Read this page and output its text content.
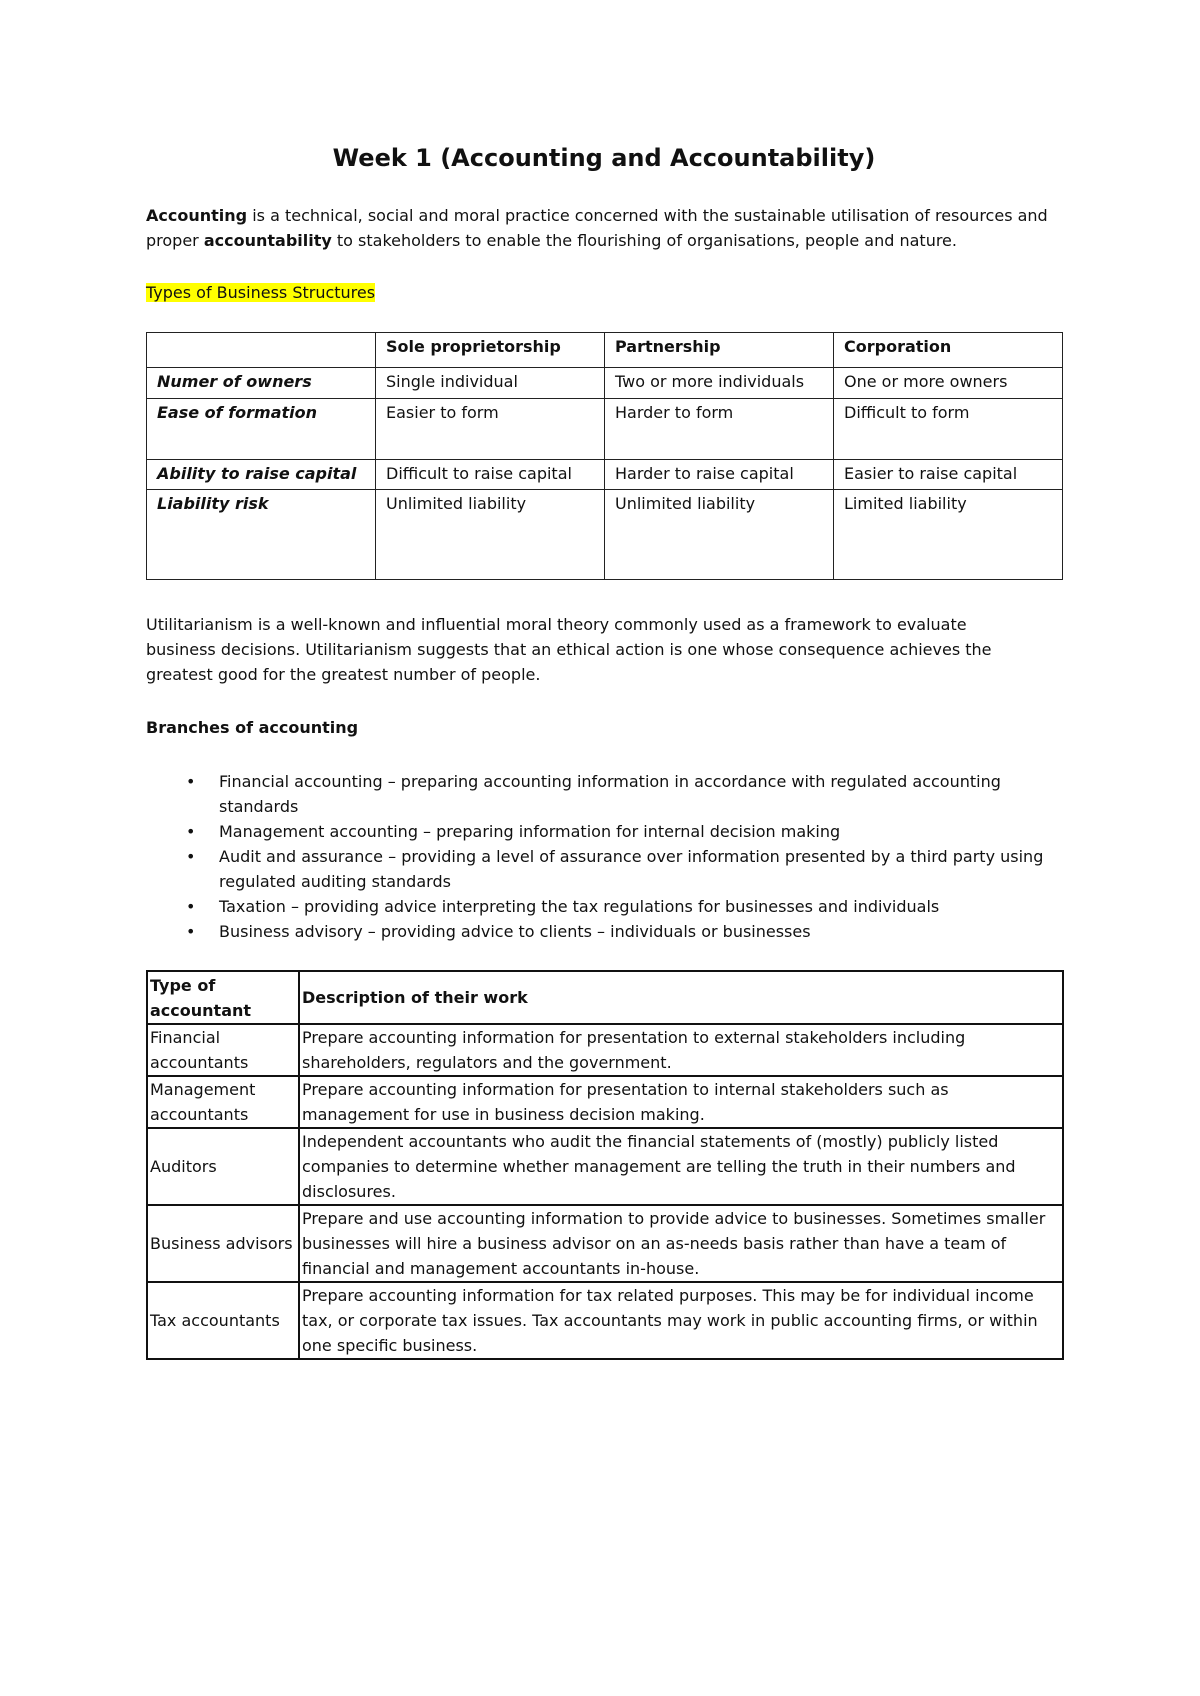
Week 1 (Accounting and Accountability)
Accounting is a technical, social and moral practice concerned with the sustainable utilisation of resources and proper accountability to stakeholders to enable the flourishing of organisations, people and nature.
Types of Business Structures
	Sole proprietorship	Partnership	Corporation
Numer of owners	Single individual	Two or more individuals	One or more owners
Ease of formation	Easier to form	Harder to form	Difficult to form
Ability to raise capital	Difficult to raise capital	Harder to raise capital	Easier to raise capital
Liability risk	Unlimited liability	Unlimited liability	Limited liability
Utilitarianism is a well-known and influential moral theory commonly used as a framework to evaluate business decisions. Utilitarianism suggests that an ethical action is one whose consequence achieves the greatest good for the greatest number of people.
Branches of accounting
• Financial accounting – preparing accounting information in accordance with regulated accounting standards
• Management accounting – preparing information for internal decision making
• Audit and assurance – providing a level of assurance over information presented by a third party using regulated auditing standards
• Taxation – providing advice interpreting the tax regulations for businesses and individuals
• Business advisory – providing advice to clients – individuals or businesses
Type of accountant	Description of their work
Financial accountants	Prepare accounting information for presentation to external stakeholders including shareholders, regulators and the government.
Management accountants	Prepare accounting information for presentation to internal stakeholders such as management for use in business decision making.
Auditors	Independent accountants who audit the financial statements of (mostly) publicly listed companies to determine whether management are telling the truth in their numbers and disclosures.
Business advisors	Prepare and use accounting information to provide advice to businesses. Sometimes smaller businesses will hire a business advisor on an as-needs basis rather than have a team of financial and management accountants in-house.
Tax accountants	Prepare accounting information for tax related purposes. This may be for individual income tax, or corporate tax issues. Tax accountants may work in public accounting firms, or within one specific business.
